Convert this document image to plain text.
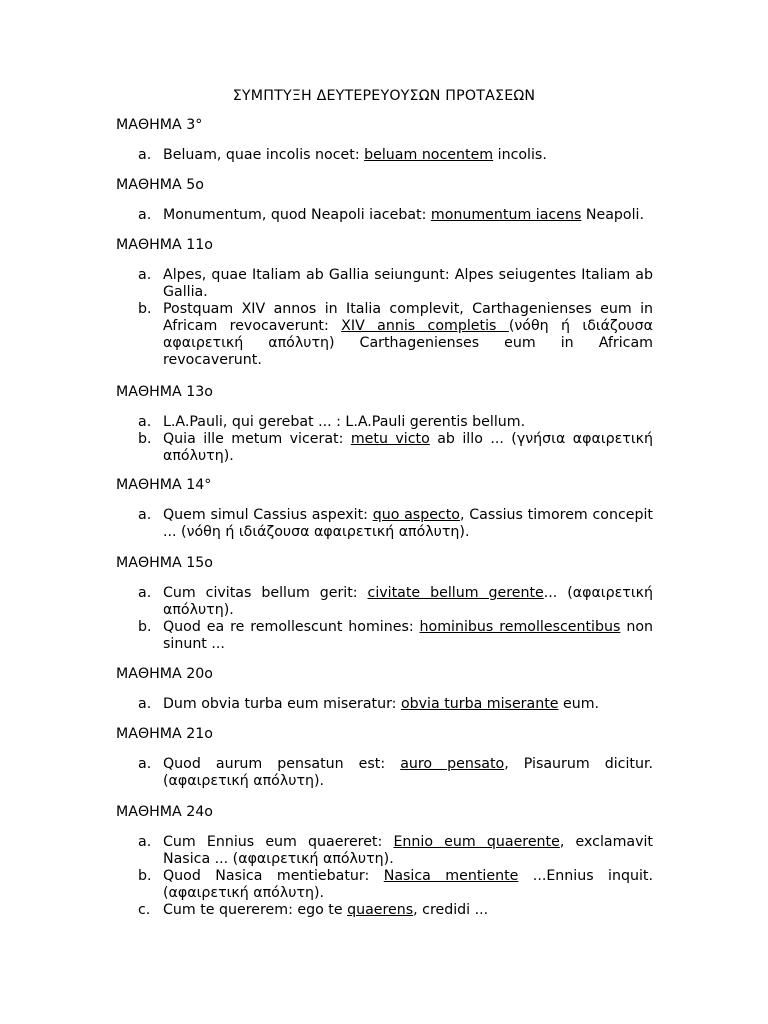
ΣΥΜΠΤΥΞΗ ΔΕΥΤΕΡΕΥΟΥΣΩΝ ΠΡΟΤΑΣΕΩΝ
ΜΑΘΗΜΑ 3°
a. Beluam, quae incolis nocet: beluam nocentem incolis.
ΜΑΘΗΜΑ 5ο
a. Monumentum, quod Neapoli iacebat: monumentum iacens Neapoli.
ΜΑΘΗΜΑ 11ο
a. Alpes, quae Italiam ab Gallia seiungunt: Alpes seiugentes Italiam ab Gallia.
b. Postquam XIV annos in Italia complevit, Carthagenienses eum in Africam revocaverunt: XIV annis completis (νόθη ή ιδιάζουσα αφαιρετική απόλυτη) Carthagenienses eum in Africam revocaverunt.
ΜΑΘΗΜΑ 13ο
a. L.A.Pauli, qui gerebat ... : L.A.Pauli gerentis bellum.
b. Quia ille metum vicerat: metu victo ab illo ... (γνήσια αφαιρετική απόλυτη).
ΜΑΘΗΜΑ 14°
a. Quem simul Cassius aspexit: quo aspecto, Cassius timorem concepit ... (νόθη ή ιδιάζουσα αφαιρετική απόλυτη).
ΜΑΘΗΜΑ 15ο
a. Cum civitas bellum gerit: civitate bellum gerente... (αφαιρετική απόλυτη).
b. Quod ea re remollescunt homines: hominibus remollescentibus non sinunt ...
ΜΑΘΗΜΑ 20ο
a. Dum obvia turba eum miseratur: obvia turba miserante eum.
ΜΑΘΗΜΑ 21ο
a. Quod aurum pensatun est: auro pensato, Pisaurum dicitur. (αφαιρετική απόλυτη).
ΜΑΘΗΜΑ 24ο
a. Cum Ennius eum quaereret: Ennio eum quaerente, exclamavit Nasica ... (αφαιρετική απόλυτη).
b. Quod Nasica mentiebatur: Nasica mentiente ...Ennius inquit. (αφαιρετική απόλυτη).
c. Cum te quererem: ego te quaerens, credidi ...
